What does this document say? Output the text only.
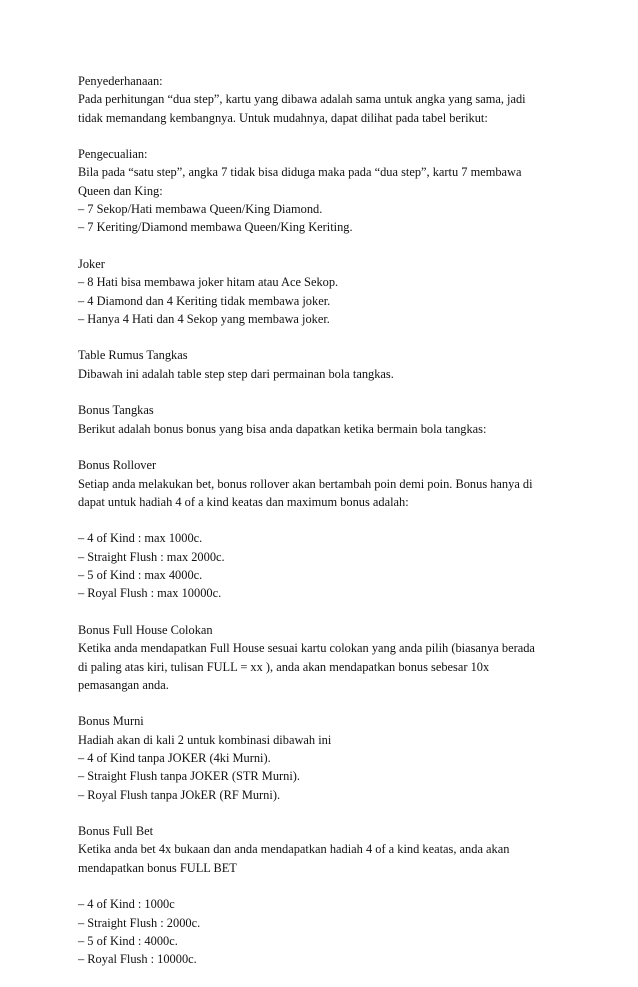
Penyederhanaan:
Pada perhitungan “dua step”, kartu yang dibawa adalah sama untuk angka yang sama, jadi
tidak memandang kembangnya. Untuk mudahnya, dapat dilihat pada tabel berikut:
Pengecualian:
Bila pada “satu step”, angka 7 tidak bisa diduga maka pada “dua step”, kartu 7 membawa
Queen dan King:
– 7 Sekop/Hati membawa Queen/King Diamond.
– 7 Keriting/Diamond membawa Queen/King Keriting.
Joker
– 8 Hati bisa membawa joker hitam atau Ace Sekop.
– 4 Diamond dan 4 Keriting tidak membawa joker.
– Hanya 4 Hati dan 4 Sekop yang membawa joker.
Table Rumus Tangkas
Dibawah ini adalah table step step dari permainan bola tangkas.
Bonus Tangkas
Berikut adalah bonus bonus yang bisa anda dapatkan ketika bermain bola tangkas:
Bonus Rollover
Setiap anda melakukan bet, bonus rollover akan bertambah poin demi poin. Bonus hanya di
dapat untuk hadiah 4 of a kind keatas dan maximum bonus adalah:
– 4 of Kind : max 1000c.
– Straight Flush : max 2000c.
– 5 of Kind : max 4000c.
– Royal Flush : max 10000c.
Bonus Full House Colokan
Ketika anda mendapatkan Full House sesuai kartu colokan yang anda pilih (biasanya berada
di paling atas kiri, tulisan FULL = xx ), anda akan mendapatkan bonus sebesar 10x
pemasangan anda.
Bonus Murni
Hadiah akan di kali 2 untuk kombinasi dibawah ini
– 4 of Kind tanpa JOKER (4ki Murni).
– Straight Flush tanpa JOKER (STR Murni).
– Royal Flush tanpa JOkER (RF Murni).
Bonus Full Bet
Ketika anda bet 4x bukaan dan anda mendapatkan hadiah 4 of a kind keatas, anda akan
mendapatkan bonus FULL BET
– 4 of Kind : 1000c
– Straight Flush : 2000c.
– 5 of Kind : 4000c.
– Royal Flush : 10000c.
